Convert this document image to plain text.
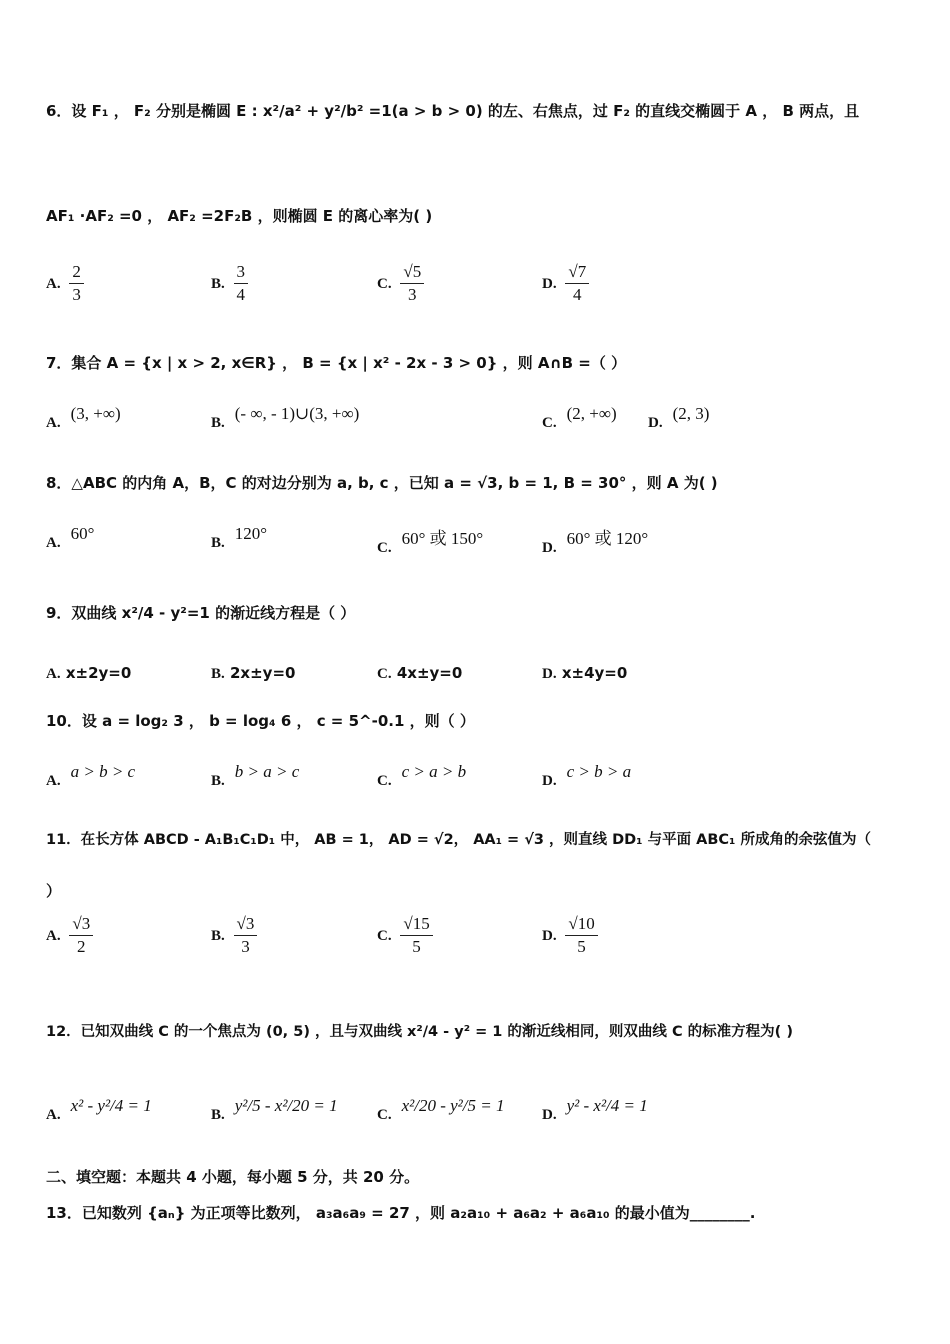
6．设 F₁ ， F₂ 分别是椭圆 E : x²/a² + y²/b² =1(a > b > 0) 的左、右焦点，过 F₂ 的直线交椭圆于 A ， B 两点，且
AF₁ ·AF₂ =0 ， AF₂ =2F₂B ，则椭圆 E 的离心率为( )
A. $\frac{2}{3}$	B. $\frac{3}{4}$	C. $\frac{√5}{3}$	D. $\frac{√7}{4}$
7．集合 A = {x | x > 2, x∈R} ， B = {x | x² - 2x - 3 > 0} ，则 A∩B =（ ）
A. (3, +∞)	B. (- ∞, - 1)∪(3, +∞)	C. (2, +∞) D. (2, 3)
8．△ABC 的内角 A，B，C 的对边分别为 a, b, c ，已知 a = √3, b = 1, B = 30° ，则 A 为( )
A. 60°	B. 120°
C. 60° 或 150°	D. 60° 或 120°
9．双曲线 x²/4 - y²=1 的渐近线方程是（ ）
A. x±2y=0	B. 2x±y=0	C. 4x±y=0	D. x±4y=0
10．设 a = log₂ 3 ， b = log₄ 6 ， c = 5^-0.1 ，则（ ）
A. a > b > c	B. b > a > c	C. c > a > b	D. c > b > a
11．在长方体 ABCD - A₁B₁C₁D₁ 中， AB = 1， AD = √2， AA₁ = √3 ，则直线 DD₁ 与平面 ABC₁ 所成角的余弦值为（
）
A. $\frac{√3}{2}$	B. $\frac{√3}{3}$	C. $\frac{√15}{5}$	D. $\frac{√10}{5}$
12．已知双曲线 C 的一个焦点为 (0, 5) ，且与双曲线 x²/4 - y² = 1 的渐近线相同，则双曲线 C 的标准方程为( )
A. x² - y²/4 = 1	B. y²/5 - x²/20 = 1	C. x²/20 - y²/5 = 1	D. y² - x²/4 = 1
二、填空题：本题共 4 小题，每小题 5 分，共 20 分。
13．已知数列 {aₙ} 为正项等比数列， a₃a₆a₉ = 27 ，则 a₂a₁₀ + a₆a₂ + a₆a₁₀ 的最小值为________.
